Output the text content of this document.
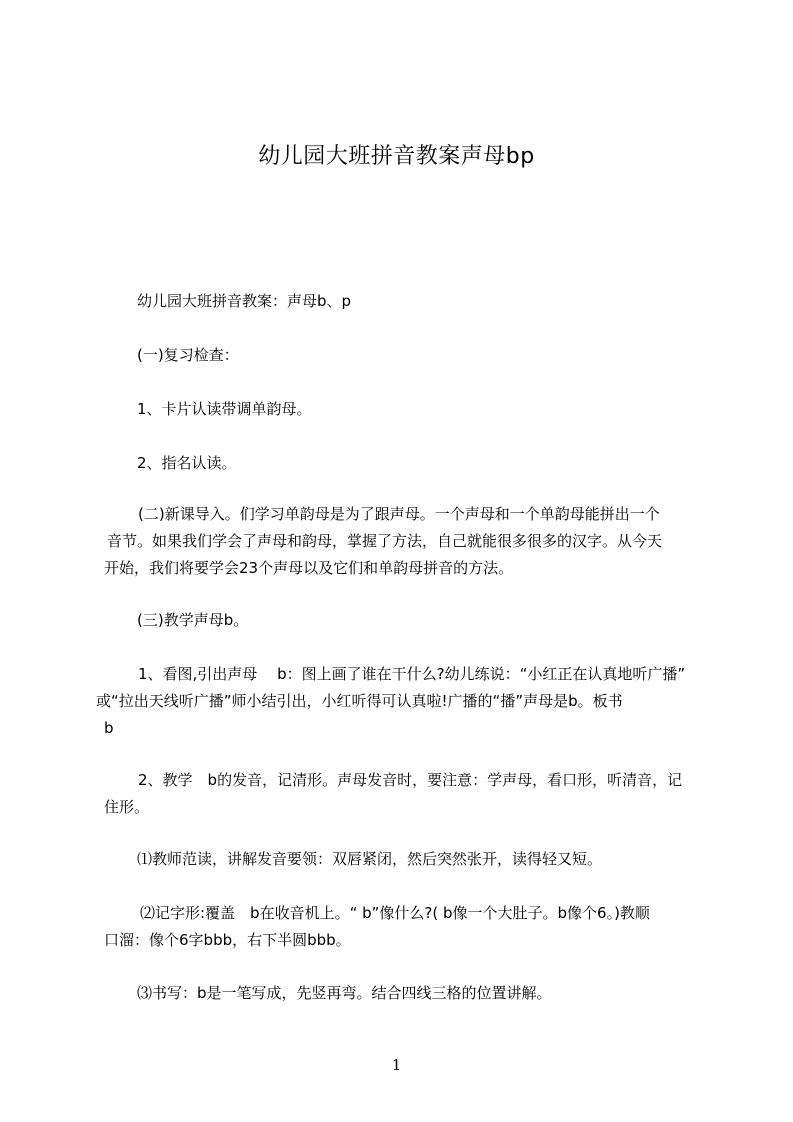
幼儿园大班拼音教案声母bp
幼儿园大班拼音教案：声母b、p
(一)复习检查：
1、卡片认读带调单韵母。
2、指名认读。
(二)新课导入。们学习单韵母是为了跟声母。一个声母和一个单韵母能拼出一个
音节。如果我们学会了声母和韵母，掌握了方法，自己就能很多很多的汉字。从今天
开始，我们将要学会23个声母以及它们和单韵母拼音的方法。
(三)教学声母b。
1、看图,引出声母　 b：图上画了谁在干什么?幼儿练说：“小红正在认真地听广播”
或“拉出天线听广播”师小结引出，小红听得可认真啦!广播的“播”声母是b。板书
b
2、教学　b的发音，记清形。声母发音时，要注意：学声母，看口形，听清音，记
住形。
⑴教师范读，讲解发音要领：双唇紧闭，然后突然张开，读得轻又短。
⑵记字形:覆盖　b在收音机上。“ b”像什么?( b像一个大肚子。b像个6。)教顺
口溜：像个6字bbb，右下半圆bbb。
⑶书写：b是一笔写成，先竖再弯。结合四线三格的位置讲解。
1
